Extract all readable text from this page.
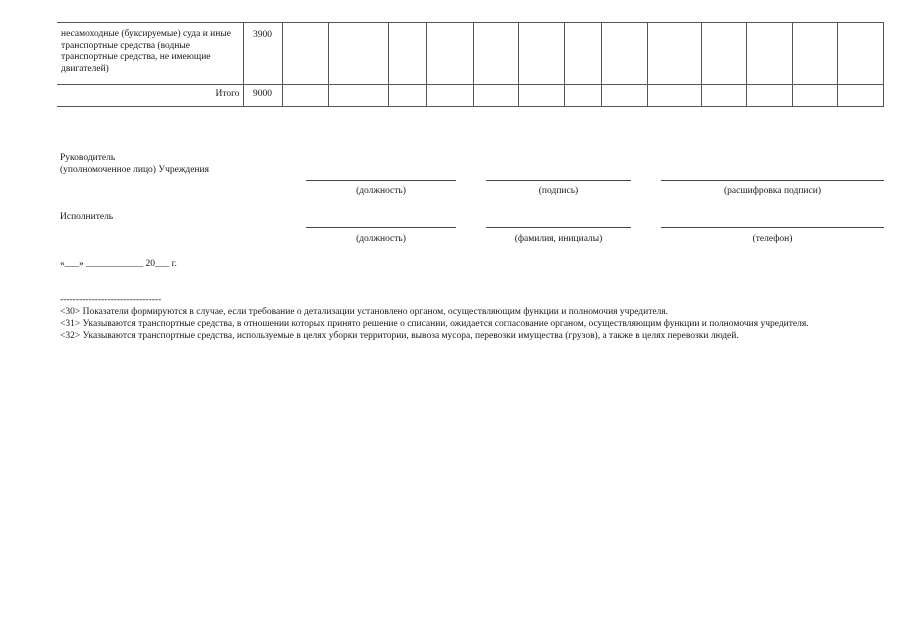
несамоходные (буксируемые) суда и иные транспортные средства (водные транспортные средства, не имеющие двигателей)	3900													
Итого	9000													
Руководитель
(уполномоченное лицо) Учреждения
(должность)	(подпись)	(расшифровка подписи)
Исполнитель
(должность)	(фамилия, инициалы)	(телефон)
«___» ____________ 20___ г.
--------------------------------
<30> Показатели формируются в случае, если требование о детализации установлено органом, осуществляющим функции и полномочия учредителя.
<31> Указываются транспортные средства, в отношении которых принято решение о списании, ожидается согласование органом, осуществляющим функции и полномочия учредителя.
<32> Указываются транспортные средства, используемые в целях уборки территории, вывоза мусора, перевозки имущества (грузов), а также в целях перевозки людей.
